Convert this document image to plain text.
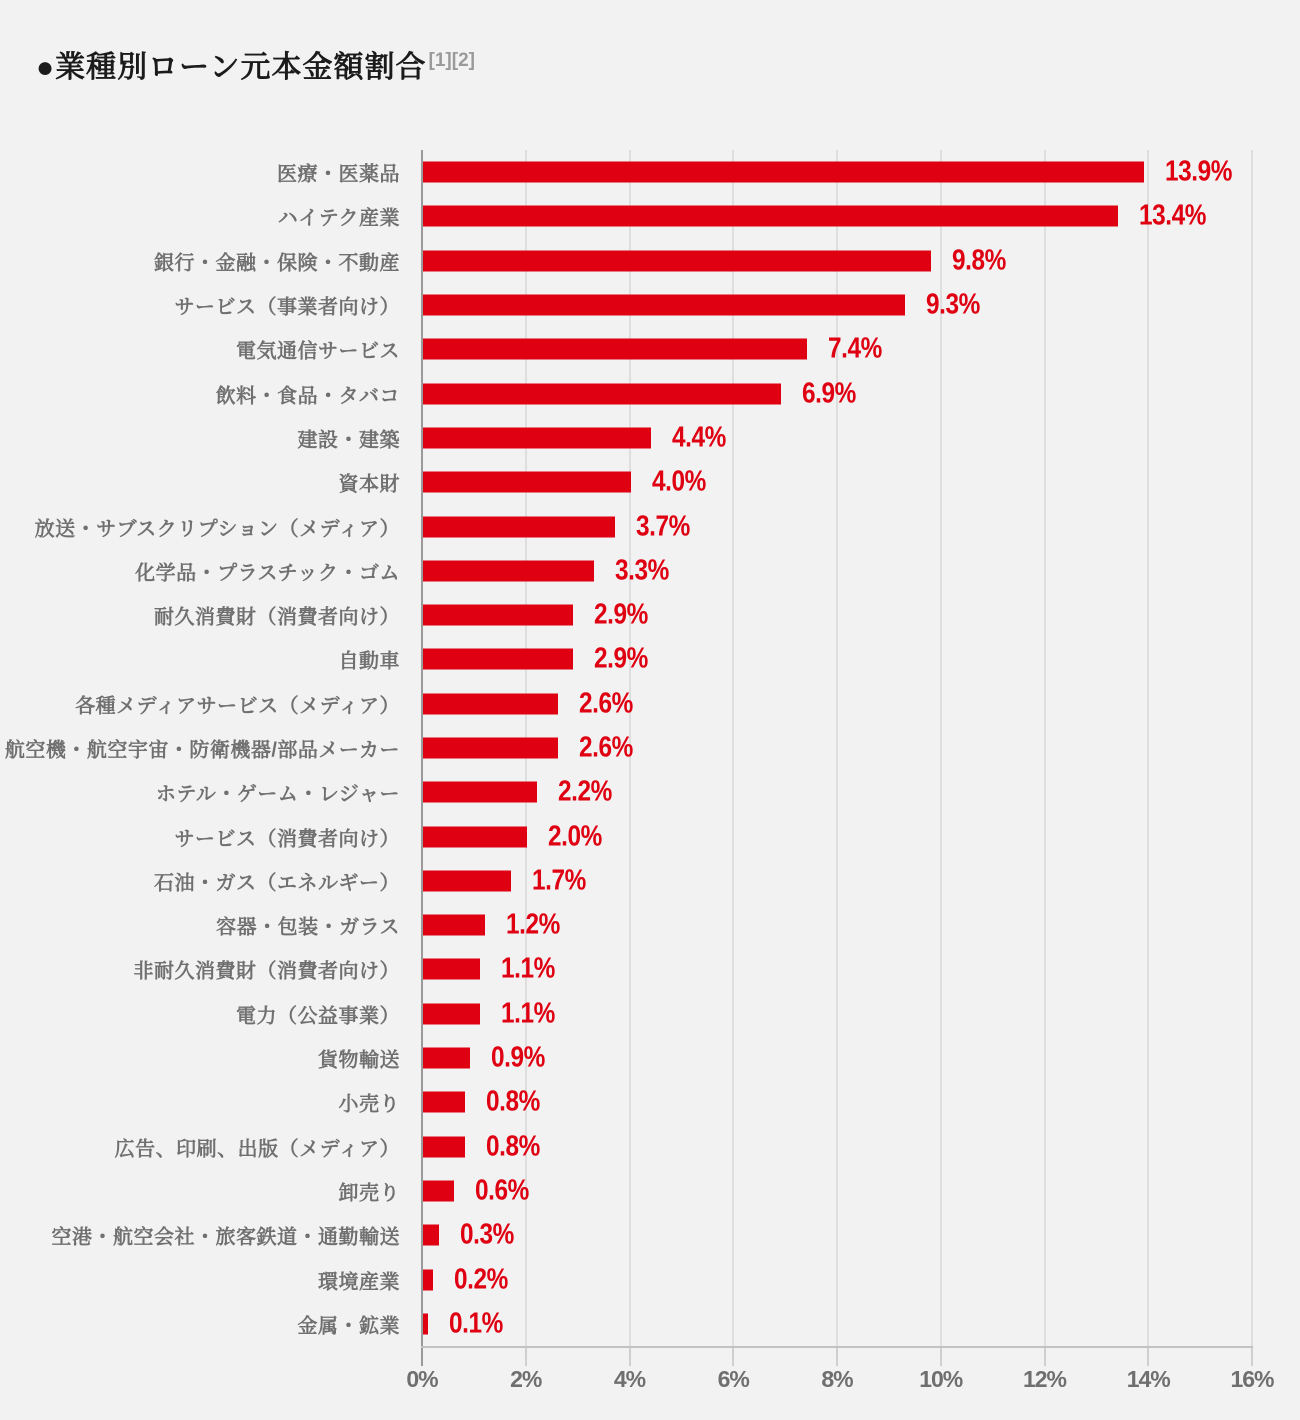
●業種別ローン元本金額割合 [1][2]
医療・医薬品	13.9%
ハイテク産業	13.4%
銀行・金融・保険・不動産	9.8%
サービス（事業者向け）	9.3%
電気通信サービス	7.4%
飲料・食品・タバコ	6.9%
建設・建築	4.4%
資本財	4.0%
放送・サブスクリプション（メディア）	3.7%
化学品・プラスチック・ゴム	3.3%
耐久消費財（消費者向け）	2.9%
自動車	2.9%
各種メディアサービス（メディア）	2.6%
航空機・航空宇宙・防衛機器/部品メーカー	2.6%
ホテル・ゲーム・レジャー	2.2%
サービス（消費者向け）	2.0%
石油・ガス（エネルギー）	1.7%
容器・包装・ガラス	1.2%
非耐久消費財（消費者向け）	1.1%
電力（公益事業）	1.1%
貨物輸送	0.9%
小売り	0.8%
広告、印刷、出版（メディア）	0.8%
卸売り	0.6%
空港・航空会社・旅客鉄道・通勤輸送 0.3%
環境産業 0.2%
金属・鉱業 0.1%
0%	2%	4%	6%	8%	10%	12%	14%	16%
